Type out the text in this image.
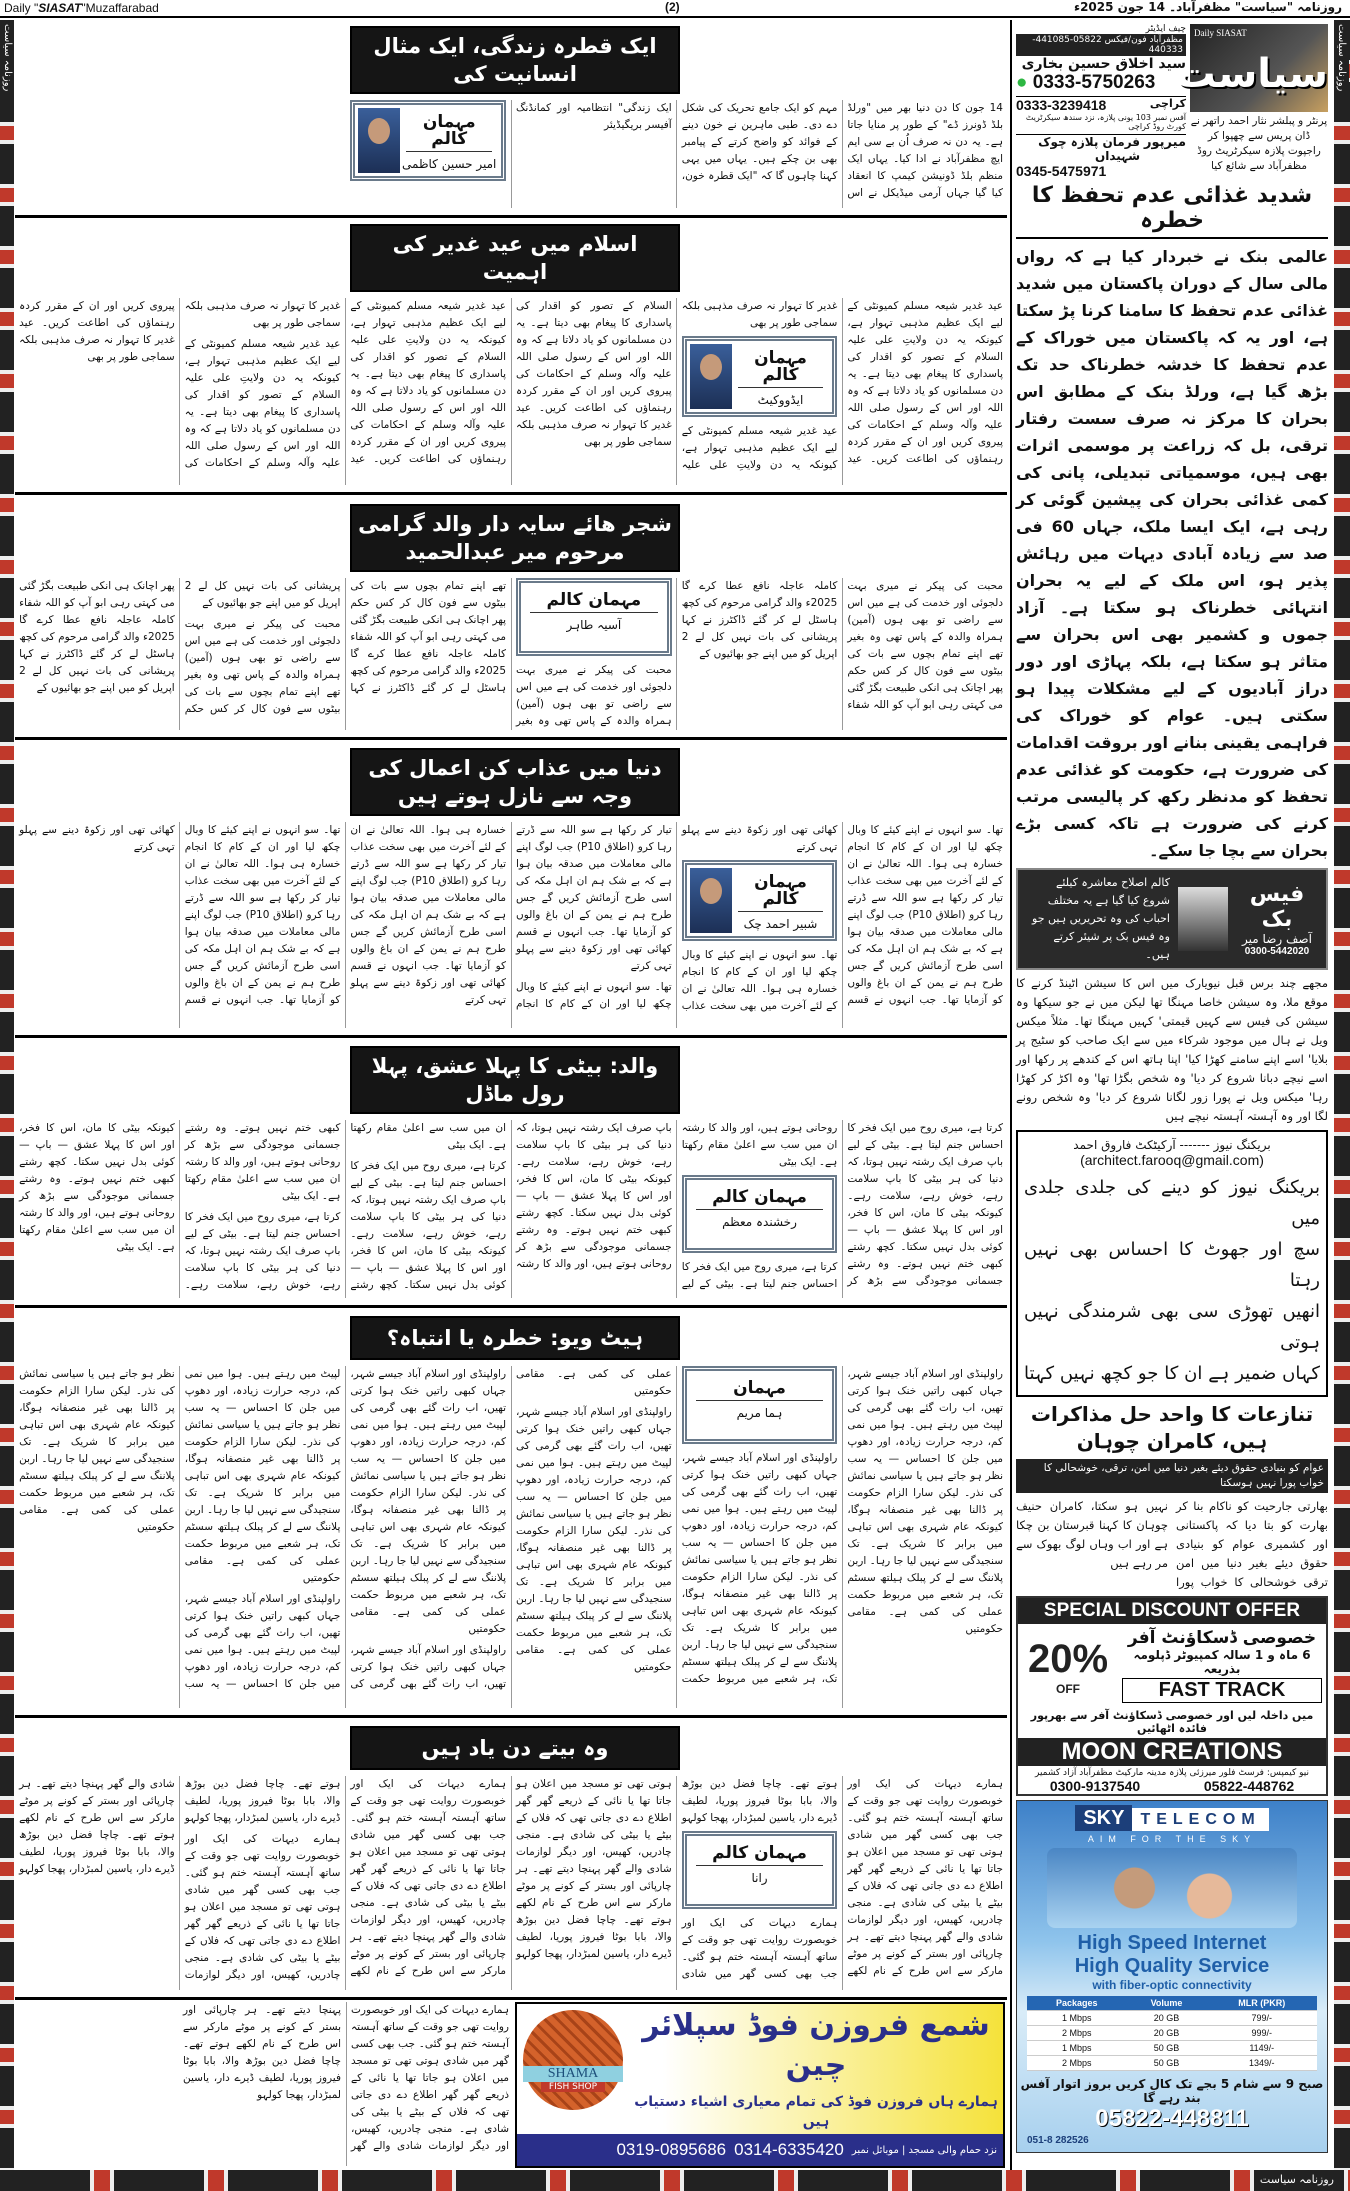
Daily "SIASAT"Muzaffarabad	(2)	روزنامہ "سیاست" مظفرآباد۔ 14 جون 2025ء
روزنامہ سیاست	روزنامہ سیاست
روزنامہ سیاست
ایک قطرہ زندگی، ایک مثال انسانیت کی

14 جون کا دن دنیا بھر میں "ورلڈ بلڈ ڈونرز ڈے" کے طور پر منایا جاتا ہے۔ یہ دن نہ صرف اُن بے سی ایم ایچ مظفرآباد نے ادا کیا۔ یہاں ایک منظم بلڈ ڈونیشن کیمپ کا انعقاد کیا گیا جہاں آرمی میڈیکل نے اس مہم کو ایک جامع تحریک کی شکل دے دی۔ طبی ماہرین نے خون دینے کے فوائد کو واضح کرتے کے پیامبر بھی بن چکے ہیں۔ یہاں میں یہی کہنا چاہوں گا کہ "ایک قطرہ خون، ایک زندگی" انتظامیہ اور کمانڈنگ آفیسر بریگیڈیئر

مہمان کالم
امیر حسین کاظمی
اسلام میں عید غدیر کی اہمیت

عید غدیر شیعہ مسلم کمیونٹی کے لیے ایک عظیم مذہبی تہوار ہے، کیونکہ یہ دن ولایتِ علی علیہ السلام کے تصور کو اقدار کی پاسداری کا پیغام بھی دیتا ہے۔ یہ دن مسلمانوں کو یاد دلاتا ہے کہ وہ اللہ اور اس کے رسول صلی اللہ علیہ وآلہ وسلم کے احکامات کی پیروی کریں اور ان کے مقرر کردہ رہنماؤں کی اطاعت کریں۔ عید غدیر کا تہوار نہ صرف مذہبی بلکہ سماجی طور پر بھی

مہمان کالم
ایڈووکیٹ

عید غدیر شیعہ مسلم کمیونٹی کے لیے ایک عظیم مذہبی تہوار ہے، کیونکہ یہ دن ولایتِ علی علیہ السلام کے تصور کو اقدار کی پاسداری کا پیغام بھی دیتا ہے۔ یہ دن مسلمانوں کو یاد دلاتا ہے کہ وہ اللہ اور اس کے رسول صلی اللہ علیہ وآلہ وسلم کے احکامات کی پیروی کریں اور ان کے مقرر کردہ رہنماؤں کی اطاعت کریں۔ عید غدیر کا تہوار نہ صرف مذہبی بلکہ سماجی طور پر بھی

عید غدیر شیعہ مسلم کمیونٹی کے لیے ایک عظیم مذہبی تہوار ہے، کیونکہ یہ دن ولایتِ علی علیہ السلام کے تصور کو اقدار کی پاسداری کا پیغام بھی دیتا ہے۔ یہ دن مسلمانوں کو یاد دلاتا ہے کہ وہ اللہ اور اس کے رسول صلی اللہ علیہ وآلہ وسلم کے احکامات کی پیروی کریں اور ان کے مقرر کردہ رہنماؤں کی اطاعت کریں۔ عید غدیر کا تہوار نہ صرف مذہبی بلکہ سماجی طور پر بھی

عید غدیر شیعہ مسلم کمیونٹی کے لیے ایک عظیم مذہبی تہوار ہے، کیونکہ یہ دن ولایتِ علی علیہ السلام کے تصور کو اقدار کی پاسداری کا پیغام بھی دیتا ہے۔ یہ دن مسلمانوں کو یاد دلاتا ہے کہ وہ اللہ اور اس کے رسول صلی اللہ علیہ وآلہ وسلم کے احکامات کی پیروی کریں اور ان کے مقرر کردہ رہنماؤں کی اطاعت کریں۔ عید غدیر کا تہوار نہ صرف مذہبی بلکہ سماجی طور پر بھی

شجر ھائے سایہ دار والد گرامی مرحوم میر عبدالحمید

محبت کی پیکر نے میری بہت دلجوئی اور خدمت کی ہے میں اس سے راضی تو بھی ہوں (آمین) ہمراہ والدہ کے پاس تھی وہ بغیر تھے اپنے تمام بچوں سے بات کی بیٹوں سے فون کال کر کس حکم پھر اچانک ہی انکی طبیعت بگڑ گئی می کہتی رہی ابو آپ کو اللہ شفاء کاملہ عاجلہ نافع عطا کرے گا 2025ء والد گرامی مرحوم کی کچھ ہاسٹل لے کر گئے ڈاکٹرز نے کہا پریشانی کی بات نہیں کل لے 2 اپریل کو میں اپنے جو بھائیوں کے

مہمان کالم
آسیہ طاہر

محبت کی پیکر نے میری بہت دلجوئی اور خدمت کی ہے میں اس سے راضی تو بھی ہوں (آمین) ہمراہ والدہ کے پاس تھی وہ بغیر تھے اپنے تمام بچوں سے بات کی بیٹوں سے فون کال کر کس حکم پھر اچانک ہی انکی طبیعت بگڑ گئی می کہتی رہی ابو آپ کو اللہ شفاء کاملہ عاجلہ نافع عطا کرے گا 2025ء والد گرامی مرحوم کی کچھ ہاسٹل لے کر گئے ڈاکٹرز نے کہا پریشانی کی بات نہیں کل لے 2 اپریل کو میں اپنے جو بھائیوں کے

محبت کی پیکر نے میری بہت دلجوئی اور خدمت کی ہے میں اس سے راضی تو بھی ہوں (آمین) ہمراہ والدہ کے پاس تھی وہ بغیر تھے اپنے تمام بچوں سے بات کی بیٹوں سے فون کال کر کس حکم پھر اچانک ہی انکی طبیعت بگڑ گئی می کہتی رہی ابو آپ کو اللہ شفاء کاملہ عاجلہ نافع عطا کرے گا 2025ء والد گرامی مرحوم کی کچھ ہاسٹل لے کر گئے ڈاکٹرز نے کہا پریشانی کی بات نہیں کل لے 2 اپریل کو میں اپنے جو بھائیوں کے

دنیا میں عذاب کن اعمال کی وجہ سے نازل ہوتے ہیں

تھا۔ سو انہوں نے اپنے کیئے کا وبال چکھ لیا اور ان کے کام کا انجام خسارہ ہی ہوا۔ اللہ تعالیٰ نے ان کے لئے آخرت میں بھی سخت عذاب تیار کر رکھا ہے سو اللہ سے ڈرتے رہا کرو (اطلاق P10) جب لوگ اپنے مالی معاملات میں صدقہ بیان ہوا ہے کہ بے شک ہم ان اہل مکہ کی اسی طرح آزمائش کریں گے جس طرح ہم نے یمن کے ان باغ والوں کو آزمایا تھا۔ جب انہوں نے قسم کھائی تھی اور زکوۃ دینے سے پہلو تہی کرتے

مہمان کالم
شبیر احمد چک

تھا۔ سو انہوں نے اپنے کیئے کا وبال چکھ لیا اور ان کے کام کا انجام خسارہ ہی ہوا۔ اللہ تعالیٰ نے ان کے لئے آخرت میں بھی سخت عذاب تیار کر رکھا ہے سو اللہ سے ڈرتے رہا کرو (اطلاق P10) جب لوگ اپنے مالی معاملات میں صدقہ بیان ہوا ہے کہ بے شک ہم ان اہل مکہ کی اسی طرح آزمائش کریں گے جس طرح ہم نے یمن کے ان باغ والوں کو آزمایا تھا۔ جب انہوں نے قسم کھائی تھی اور زکوۃ دینے سے پہلو تہی کرتے

تھا۔ سو انہوں نے اپنے کیئے کا وبال چکھ لیا اور ان کے کام کا انجام خسارہ ہی ہوا۔ اللہ تعالیٰ نے ان کے لئے آخرت میں بھی سخت عذاب تیار کر رکھا ہے سو اللہ سے ڈرتے رہا کرو (اطلاق P10) جب لوگ اپنے مالی معاملات میں صدقہ بیان ہوا ہے کہ بے شک ہم ان اہل مکہ کی اسی طرح آزمائش کریں گے جس طرح ہم نے یمن کے ان باغ والوں کو آزمایا تھا۔ جب انہوں نے قسم کھائی تھی اور زکوۃ دینے سے پہلو تہی کرتے

تھا۔ سو انہوں نے اپنے کیئے کا وبال چکھ لیا اور ان کے کام کا انجام خسارہ ہی ہوا۔ اللہ تعالیٰ نے ان کے لئے آخرت میں بھی سخت عذاب تیار کر رکھا ہے سو اللہ سے ڈرتے رہا کرو (اطلاق P10) جب لوگ اپنے مالی معاملات میں صدقہ بیان ہوا ہے کہ بے شک ہم ان اہل مکہ کی اسی طرح آزمائش کریں گے جس طرح ہم نے یمن کے ان باغ والوں کو آزمایا تھا۔ جب انہوں نے قسم کھائی تھی اور زکوۃ دینے سے پہلو تہی کرتے

والد: بیٹی کا پہلا عشق، پہلا رول ماڈل

کرتا ہے، میری روح میں ایک فخر کا احساس جنم لیتا ہے۔ بیٹی کے لیے باپ صرف ایک رشتہ نہیں ہوتا، کہ دنیا کی ہر بیٹی کا باپ سلامت رہے، خوش رہے، سلامت رہے۔ کیونکہ بیٹی کا مان، اس کا فخر، اور اس کا پہلا عشق — باپ — کوئی بدل نہیں سکتا۔ کچھ رشتے کبھی ختم نہیں ہوتے۔ وہ رشتے جسمانی موجودگی سے بڑھ کر روحانی ہوتے ہیں، اور والد کا رشتہ ان میں سب سے اعلیٰ مقام رکھتا ہے۔ ایک بیٹی

مہمان کالم
رخشندہ معظم

کرتا ہے، میری روح میں ایک فخر کا احساس جنم لیتا ہے۔ بیٹی کے لیے باپ صرف ایک رشتہ نہیں ہوتا، کہ دنیا کی ہر بیٹی کا باپ سلامت رہے، خوش رہے، سلامت رہے۔ کیونکہ بیٹی کا مان، اس کا فخر، اور اس کا پہلا عشق — باپ — کوئی بدل نہیں سکتا۔ کچھ رشتے کبھی ختم نہیں ہوتے۔ وہ رشتے جسمانی موجودگی سے بڑھ کر روحانی ہوتے ہیں، اور والد کا رشتہ ان میں سب سے اعلیٰ مقام رکھتا ہے۔ ایک بیٹی

کرتا ہے، میری روح میں ایک فخر کا احساس جنم لیتا ہے۔ بیٹی کے لیے باپ صرف ایک رشتہ نہیں ہوتا، کہ دنیا کی ہر بیٹی کا باپ سلامت رہے، خوش رہے، سلامت رہے۔ کیونکہ بیٹی کا مان، اس کا فخر، اور اس کا پہلا عشق — باپ — کوئی بدل نہیں سکتا۔ کچھ رشتے کبھی ختم نہیں ہوتے۔ وہ رشتے جسمانی موجودگی سے بڑھ کر روحانی ہوتے ہیں، اور والد کا رشتہ ان میں سب سے اعلیٰ مقام رکھتا ہے۔ ایک بیٹی

کرتا ہے، میری روح میں ایک فخر کا احساس جنم لیتا ہے۔ بیٹی کے لیے باپ صرف ایک رشتہ نہیں ہوتا، کہ دنیا کی ہر بیٹی کا باپ سلامت رہے، خوش رہے، سلامت رہے۔ کیونکہ بیٹی کا مان، اس کا فخر، اور اس کا پہلا عشق — باپ — کوئی بدل نہیں سکتا۔ کچھ رشتے کبھی ختم نہیں ہوتے۔ وہ رشتے جسمانی موجودگی سے بڑھ کر روحانی ہوتے ہیں، اور والد کا رشتہ ان میں سب سے اعلیٰ مقام رکھتا ہے۔ ایک بیٹی

ہیٹ ویو: خطرہ یا انتباہ؟

راولپنڈی اور اسلام آباد جیسے شہر، جہاں کبھی راتیں خنک ہوا کرتی تھیں، اب رات گئے بھی گرمی کی لپیٹ میں رہتے ہیں۔ ہوا میں نمی کم، درجہ حرارت زیادہ، اور دھوپ میں جلن کا احساس — یہ سب نظر ہو جاتے ہیں یا سیاسی نمائش کی نذر۔ لیکن سارا الزام حکومت پر ڈالنا بھی غیر منصفانہ ہوگا، کیونکہ عام شہری بھی اس تباہی میں برابر کا شریک ہے۔ تک سنجیدگی سے نہیں لیا جا رہا۔ اربن پلاننگ سے لے کر پبلک ہیلتھ سسٹم تک، ہر شعبے میں مربوط حکمت عملی کی کمی ہے۔ مقامی حکومتیں

مہمان
ہما مریم

راولپنڈی اور اسلام آباد جیسے شہر، جہاں کبھی راتیں خنک ہوا کرتی تھیں، اب رات گئے بھی گرمی کی لپیٹ میں رہتے ہیں۔ ہوا میں نمی کم، درجہ حرارت زیادہ، اور دھوپ میں جلن کا احساس — یہ سب نظر ہو جاتے ہیں یا سیاسی نمائش کی نذر۔ لیکن سارا الزام حکومت پر ڈالنا بھی غیر منصفانہ ہوگا، کیونکہ عام شہری بھی اس تباہی میں برابر کا شریک ہے۔ تک سنجیدگی سے نہیں لیا جا رہا۔ اربن پلاننگ سے لے کر پبلک ہیلتھ سسٹم تک، ہر شعبے میں مربوط حکمت عملی کی کمی ہے۔ مقامی حکومتیں

راولپنڈی اور اسلام آباد جیسے شہر، جہاں کبھی راتیں خنک ہوا کرتی تھیں، اب رات گئے بھی گرمی کی لپیٹ میں رہتے ہیں۔ ہوا میں نمی کم، درجہ حرارت زیادہ، اور دھوپ میں جلن کا احساس — یہ سب نظر ہو جاتے ہیں یا سیاسی نمائش کی نذر۔ لیکن سارا الزام حکومت پر ڈالنا بھی غیر منصفانہ ہوگا، کیونکہ عام شہری بھی اس تباہی میں برابر کا شریک ہے۔ تک سنجیدگی سے نہیں لیا جا رہا۔ اربن پلاننگ سے لے کر پبلک ہیلتھ سسٹم تک، ہر شعبے میں مربوط حکمت عملی کی کمی ہے۔ مقامی حکومتیں

راولپنڈی اور اسلام آباد جیسے شہر، جہاں کبھی راتیں خنک ہوا کرتی تھیں، اب رات گئے بھی گرمی کی لپیٹ میں رہتے ہیں۔ ہوا میں نمی کم، درجہ حرارت زیادہ، اور دھوپ میں جلن کا احساس — یہ سب نظر ہو جاتے ہیں یا سیاسی نمائش کی نذر۔ لیکن سارا الزام حکومت پر ڈالنا بھی غیر منصفانہ ہوگا، کیونکہ عام شہری بھی اس تباہی میں برابر کا شریک ہے۔ تک سنجیدگی سے نہیں لیا جا رہا۔ اربن پلاننگ سے لے کر پبلک ہیلتھ سسٹم تک، ہر شعبے میں مربوط حکمت عملی کی کمی ہے۔ مقامی حکومتیں

راولپنڈی اور اسلام آباد جیسے شہر، جہاں کبھی راتیں خنک ہوا کرتی تھیں، اب رات گئے بھی گرمی کی لپیٹ میں رہتے ہیں۔ ہوا میں نمی کم، درجہ حرارت زیادہ، اور دھوپ میں جلن کا احساس — یہ سب نظر ہو جاتے ہیں یا سیاسی نمائش کی نذر۔ لیکن سارا الزام حکومت پر ڈالنا بھی غیر منصفانہ ہوگا، کیونکہ عام شہری بھی اس تباہی میں برابر کا شریک ہے۔ تک سنجیدگی سے نہیں لیا جا رہا۔ اربن پلاننگ سے لے کر پبلک ہیلتھ سسٹم تک، ہر شعبے میں مربوط حکمت عملی کی کمی ہے۔ مقامی حکومتیں

راولپنڈی اور اسلام آباد جیسے شہر، جہاں کبھی راتیں خنک ہوا کرتی تھیں، اب رات گئے بھی گرمی کی لپیٹ میں رہتے ہیں۔ ہوا میں نمی کم، درجہ حرارت زیادہ، اور دھوپ میں جلن کا احساس — یہ سب نظر ہو جاتے ہیں یا سیاسی نمائش کی نذر۔ لیکن سارا الزام حکومت پر ڈالنا بھی غیر منصفانہ ہوگا، کیونکہ عام شہری بھی اس تباہی میں برابر کا شریک ہے۔ تک سنجیدگی سے نہیں لیا جا رہا۔ اربن پلاننگ سے لے کر پبلک ہیلتھ سسٹم تک، ہر شعبے میں مربوط حکمت عملی کی کمی ہے۔ مقامی حکومتیں

وہ بیتے دن یاد ہیں

ہمارے دیہات کی ایک اور خوبصورت روایت تھی جو وقت کے ساتھ آہستہ آہستہ ختم ہو گئی۔ جب بھی کسی گھر میں شادی ہوتی تھی تو مسجد میں اعلان ہو جاتا تھا یا نائی کے ذریعے گھر گھر اطلاع دے دی جاتی تھی کہ فلاں کے بیٹے یا بیٹی کی شادی ہے۔ منجی چادریں، کھیس، اور دیگر لوازمات شادی والے گھر پہنچا دیتے تھے۔ ہر چارپائی اور بستر کے کونے پر موٹے مارکر سے اس طرح کے نام لکھے ہوتے تھے۔ چاچا فضل دین بوڑھ والا، بابا بوٹا فیروز پوریا، لطیف ڈیرے دار، یاسین لمبڑدار، پھجا کولہو

مہمان کالم
رانا

ہمارے دیہات کی ایک اور خوبصورت روایت تھی جو وقت کے ساتھ آہستہ آہستہ ختم ہو گئی۔ جب بھی کسی گھر میں شادی ہوتی تھی تو مسجد میں اعلان ہو جاتا تھا یا نائی کے ذریعے گھر گھر اطلاع دے دی جاتی تھی کہ فلاں کے بیٹے یا بیٹی کی شادی ہے۔ منجی چادریں، کھیس، اور دیگر لوازمات شادی والے گھر پہنچا دیتے تھے۔ ہر چارپائی اور بستر کے کونے پر موٹے مارکر سے اس طرح کے نام لکھے ہوتے تھے۔ چاچا فضل دین بوڑھ والا، بابا بوٹا فیروز پوریا، لطیف ڈیرے دار، یاسین لمبڑدار، پھجا کولہو

ہمارے دیہات کی ایک اور خوبصورت روایت تھی جو وقت کے ساتھ آہستہ آہستہ ختم ہو گئی۔ جب بھی کسی گھر میں شادی ہوتی تھی تو مسجد میں اعلان ہو جاتا تھا یا نائی کے ذریعے گھر گھر اطلاع دے دی جاتی تھی کہ فلاں کے بیٹے یا بیٹی کی شادی ہے۔ منجی چادریں، کھیس، اور دیگر لوازمات شادی والے گھر پہنچا دیتے تھے۔ ہر چارپائی اور بستر کے کونے پر موٹے مارکر سے اس طرح کے نام لکھے ہوتے تھے۔ چاچا فضل دین بوڑھ والا، بابا بوٹا فیروز پوریا، لطیف ڈیرے دار، یاسین لمبڑدار، پھجا کولہو

ہمارے دیہات کی ایک اور خوبصورت روایت تھی جو وقت کے ساتھ آہستہ آہستہ ختم ہو گئی۔ جب بھی کسی گھر میں شادی ہوتی تھی تو مسجد میں اعلان ہو جاتا تھا یا نائی کے ذریعے گھر گھر اطلاع دے دی جاتی تھی کہ فلاں کے بیٹے یا بیٹی کی شادی ہے۔ منجی چادریں، کھیس، اور دیگر لوازمات شادی والے گھر پہنچا دیتے تھے۔ ہر چارپائی اور بستر کے کونے پر موٹے مارکر سے اس طرح کے نام لکھے ہوتے تھے۔ چاچا فضل دین بوڑھ والا، بابا بوٹا فیروز پوریا، لطیف ڈیرے دار، یاسین لمبڑدار، پھجا کولہو

ہمارے دیہات کی ایک اور خوبصورت روایت تھی جو وقت کے ساتھ آہستہ آہستہ ختم ہو گئی۔ جب بھی کسی گھر میں شادی ہوتی تھی تو مسجد میں اعلان ہو جاتا تھا یا نائی کے ذریعے گھر گھر اطلاع دے دی جاتی تھی کہ فلاں کے بیٹے یا بیٹی کی شادی ہے۔ منجی چادریں، کھیس، اور دیگر لوازمات شادی والے گھر پہنچا دیتے تھے۔ ہر چارپائی اور بستر کے کونے پر موٹے مارکر سے اس طرح کے نام لکھے ہوتے تھے۔ چاچا فضل دین بوڑھ والا، بابا بوٹا فیروز پوریا، لطیف ڈیرے دار، یاسین لمبڑدار، پھجا کولہو

چیف ایڈیٹر
مظفرآباد فون/فیکس 05822-441085-440333
سید اخلاق حسین بخاری
● 0333-5750263
کراچی
0333-3239418
آفس نمبر 103 یونی پلازہ، نزد سندھ سیکرٹریٹ کورٹ روڈ کراچی
میرپور
فرمان پلازہ چوک شہیداں
0345-5475971
Daily SIASAT
سیاست
پرنٹر و پبلشر نثار احمد راتھر نے ڈان پریس سے چھپوا کر راجپوت پلازہ سیکرٹریٹ روڈ مظفرآباد سے شائع کیا
شدید غذائی عدم تحفظ کا خطرہ
عالمی بنک نے خبردار کیا ہے کہ رواں مالی سال کے دوران پاکستان میں شدید غذائی عدم تحفظ کا سامنا کرنا پڑ سکتا ہے، اور یہ کہ پاکستان میں خوراک کے عدم تحفظ کا خدشہ خطرناک حد تک بڑھ گیا ہے، ورلڈ بنک کے مطابق اس بحران کا مرکز نہ صرف سست رفتار ترقی، بل کہ زراعت پر موسمی اثرات بھی ہیں، موسمیاتی تبدیلی، پانی کی کمی غذائی بحران کی پیشین گوئی کر رہی ہے، ایک ایسا ملک، جہاں 60 فی صد سے زیادہ آبادی دیہات میں رہائش پذیر ہو، اس ملک کے لیے یہ بحران انتہائی خطرناک ہو سکتا ہے۔ آزاد جموں و کشمیر بھی اس بحران سے متاثر ہو سکتا ہے، بلکہ پہاڑی اور دور دراز آبادیوں کے لیے مشکلات پیدا ہو سکتی ہیں۔ عوام کو خوراک کی فراہمی یقینی بنانے اور بروقت اقدامات کی ضرورت ہے، حکومت کو غذائی عدم تحفظ کو مدنظر رکھ کر پالیسی مرتب کرنے کی ضرورت ہے تاکہ کسی بڑے بحران سے بچا جا سکے۔
فیس بک
آصف رضا میر
0300-5442020
کالم اصلاح معاشرہ کیلئے شروع کیا گیا ہے یہ مختلف احباب کی وہ تحریریں ہیں جو وہ فیس بک پر شیئر کرتے ہیں۔
مجھے چند برس قبل نیویارک میں اس کا سیشن اٹینڈ کرنے کا موقع ملا، وہ سیشن خاصا مہنگا تھا لیکن میں نے جو سیکھا وہ سیشن کی فیس سے کہیں قیمتی' کہیں مہنگا تھا۔ مثلاً میکس ویل نے ہال میں موجود شرکاء میں سے ایک صاحب کو سٹیج پر بلایا' اسے اپنے سامنے کھڑا کیا' اپنا ہاتھ اس کے کندھے پر رکھا اور اسے نیچے دبانا شروع کر دیا' وہ شخص بگڑا تھا' وہ اکڑ کر کھڑا رہا' میکس ویل نے پورا زور لگانا شروع کر دیا' وہ شخص رونے لگا اور وہ آہستہ آہستہ نیچے ہیں
بریکنگ نیوز ------- آرکیٹکٹ فاروق احمد
(architect.farooq@gmail.com)
بریکنگ نیوز کو دینے کی جلدی جلدی میں
سچ اور جھوٹ کا احساس بھی نہیں رہتا
انھیں تھوڑی سی بھی شرمندگی نہیں ہوتی
کہاں ضمیر ہے ان کا جو کچھ نہیں کہتا
تنازعات کا واحد حل مذاکرات ہیں، کامران چوہان
عوام کو بنیادی حقوق دیئے بغیر دنیا میں امن، ترقی، خوشحالی کا خواب پورا نہیں ہوسکتا
بھارتی جارحیت کو ناکام بنا کر بھارت کو بتا دیا کہ پاکستانی اور کشمیری عوام کو بنیادی حقوق دیئے بغیر دنیا میں امن ترقی خوشحالی کا خواب پورا نہیں ہو سکتا، کامران حنیف چوہان کا کہنا قبرستان بن چکا ہے اور اب وہاں لوگ بھوک سے مر رہے ہیں
SPECIAL DISCOUNT OFFER
خصوصی ڈسکاؤنٹ آفر
6 ماہ و 1 سالہ کمپیوٹر ڈپلومہ بذریعہ
FAST TRACK
20%
OFF
میں داخلہ لیں اور خصوصی ڈسکاؤنٹ آفر سے بھرپور فائدہ اٹھائیں
MOON CREATIONS
نیو کیمپس: فرسٹ فلور میرزئی پلازہ مدینہ مارکیٹ مظفرآباد آزاد کشمیر
0300-9137540	05822-448762
SKY TELECOM
AIM FOR THE SKY
High Speed Internet
High Quality Service
with fiber-optic connectivity
Packages	Volume	MLR (PKR)
1 Mbps	20 GB	799/-
2 Mbps	20 GB	999/-
1 Mbps	50 GB	1149/-
2 Mbps	50 GB	1349/-
صبح 9 سے شام 5 بجے تک کال کریں بروز اتوار آفس بند رہے گا
05822-448811
051-8 282526
SHAMA
FISH SHOP
شمع فروزن فوڈ سپلائر چین
ہمارے ہاں فروزن فوڈ کی تمام معیاری اشیاء دستیاب ہیں
نزد حمام والی مسجد | موبائل نمبر
0314-6335420
0319-0895686
